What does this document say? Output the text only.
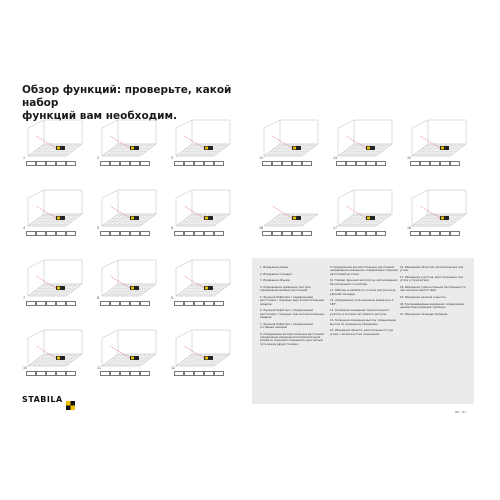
Обзор функций: проверьте, какой набор
функций вам необходим.
1	2	3
4	5	6
7	8	9
10	11	12
13	14	15
16	17	18
1. Измерение длины.
2. Измерение площади.
3. Измерение объема.
4. Непрерывное измерение: быстрое определение крайних расстояний.
5. Функция Пифагора с определением расстояния с помощью двух вспомогательных замеров.
6. Функция Пифагора с определением расстояния с помощью трех вспомогательных замеров.
7. Функция Пифагора с определением составных замеров.
8. Определение вспомогательных расстояний: определение измеренной вспомогательной разметки позволяет определять однотипный путь между двумя точками.
9. Определение вспомогательных расстояний: непрерывное измерение, определение отрезков/расстояний на стене.
10. Таймер: функция автоспуска, для измерения без искажения со штатива.
11. Рабочая зона/область, плитка для расчетов рабочей площади.
12. Определение угла наклона в диапазоне ± 180°.
13. Косвенное измерение горизонтального участка, в котором нет прямого доступа.
14. Косвенное измерение высоты: определение высоты по косвенному измерению.
15. Измерение объекта, расположенного под углом, с возможностью сохранения.
16. Измерение областей, расположенных под углом.
17. Измерение участков, расположенных под углом к горизонтали.
18. Измерение горизонтальной протяженности при наличии препятствий.
19. Измерение наклона и высоты.
20. Трапециевидные измерения: определение неизвестных размеров трапеции.
21. Измерение площади трапеции.
STABILA
96 – 97
